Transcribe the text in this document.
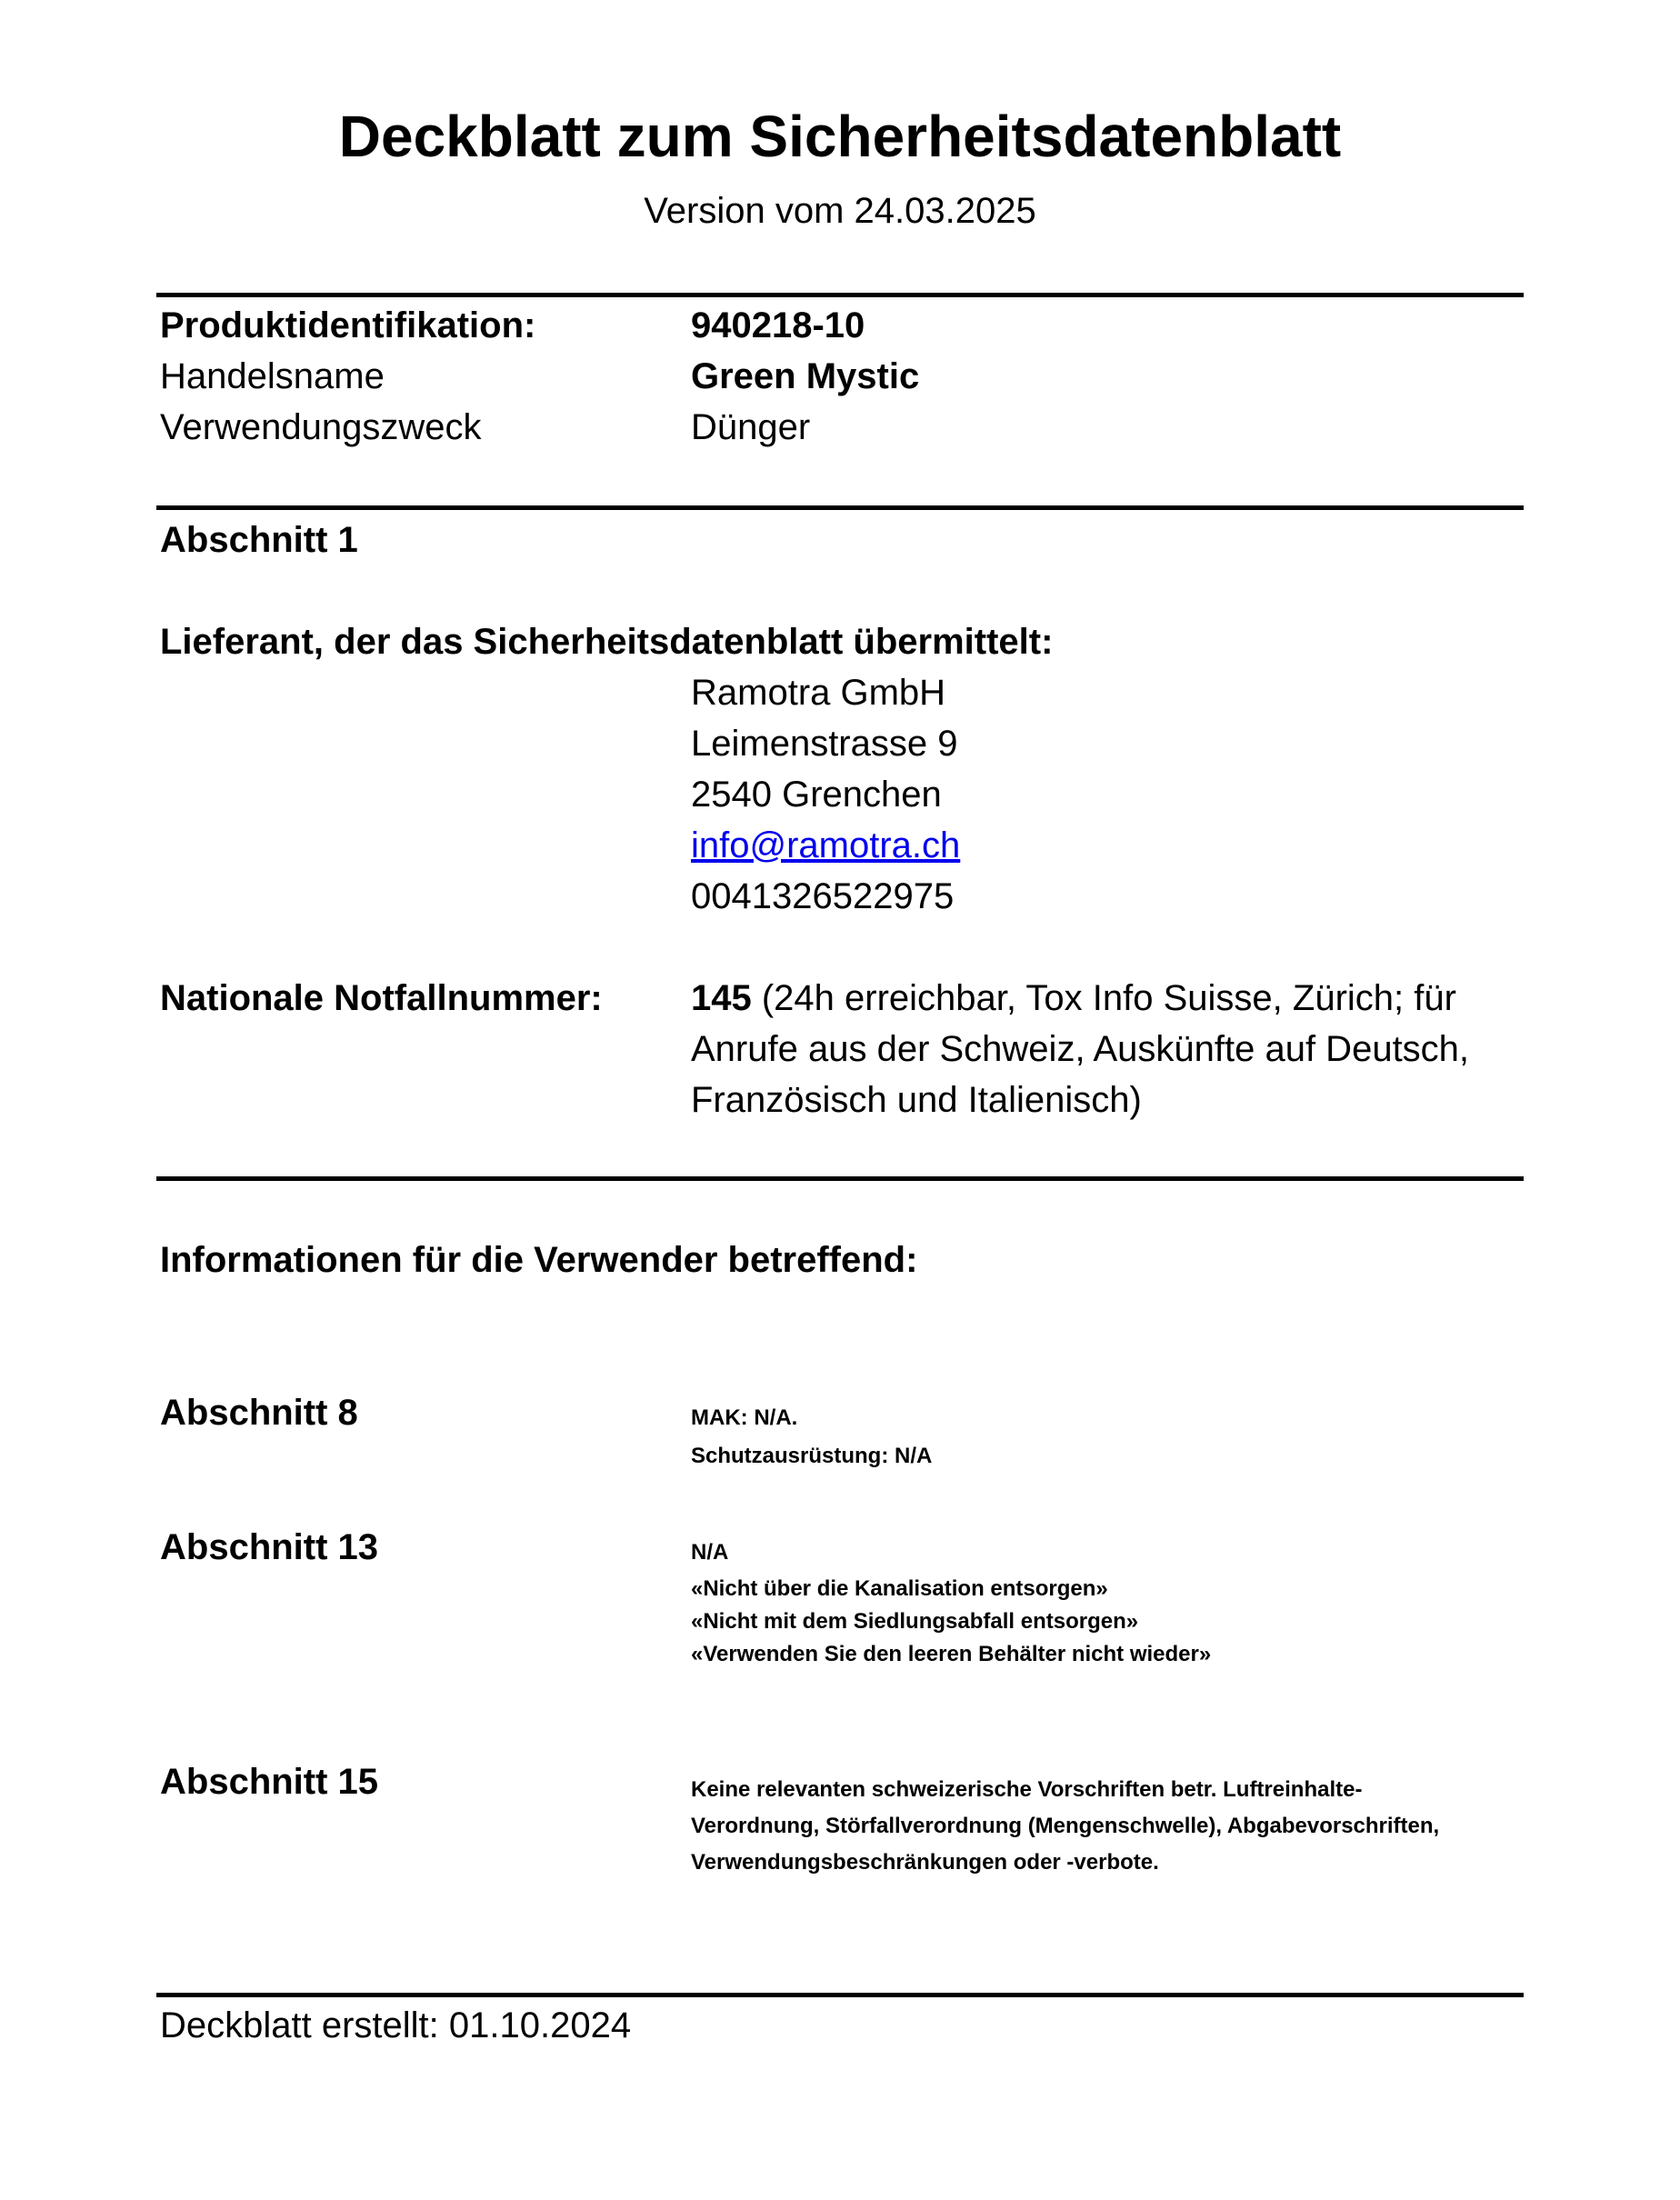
Deckblatt zum Sicherheitsdatenblatt
Version vom 24.03.2025
Produktidentifikation:	940218-10
Handelsname	Green Mystic
Verwendungszweck	Dünger
Abschnitt 1
Lieferant, der das Sicherheitsdatenblatt übermittelt:
Ramotra GmbH
Leimenstrasse 9
2540 Grenchen
info@ramotra.ch
0041326522975
Nationale Notfallnummer: 145 (24h erreichbar, Tox Info Suisse, Zürich; für Anrufe aus der Schweiz, Auskünfte auf Deutsch, Französisch und Italienisch)
Informationen für die Verwender betreffend:
Abschnitt 8	MAK: N/A.
Schutzausrüstung: N/A
Abschnitt 13	N/A
«Nicht über die Kanalisation entsorgen»
«Nicht mit dem Siedlungsabfall entsorgen»
«Verwenden Sie den leeren Behälter nicht wieder»
Abschnitt 15	Keine relevanten schweizerische Vorschriften betr. Luftreinhalte-
Verordnung, Störfallverordnung (Mengenschwelle), Abgabevorschriften,
Verwendungsbeschränkungen oder -verbote.
Deckblatt erstellt: 01.10.2024
